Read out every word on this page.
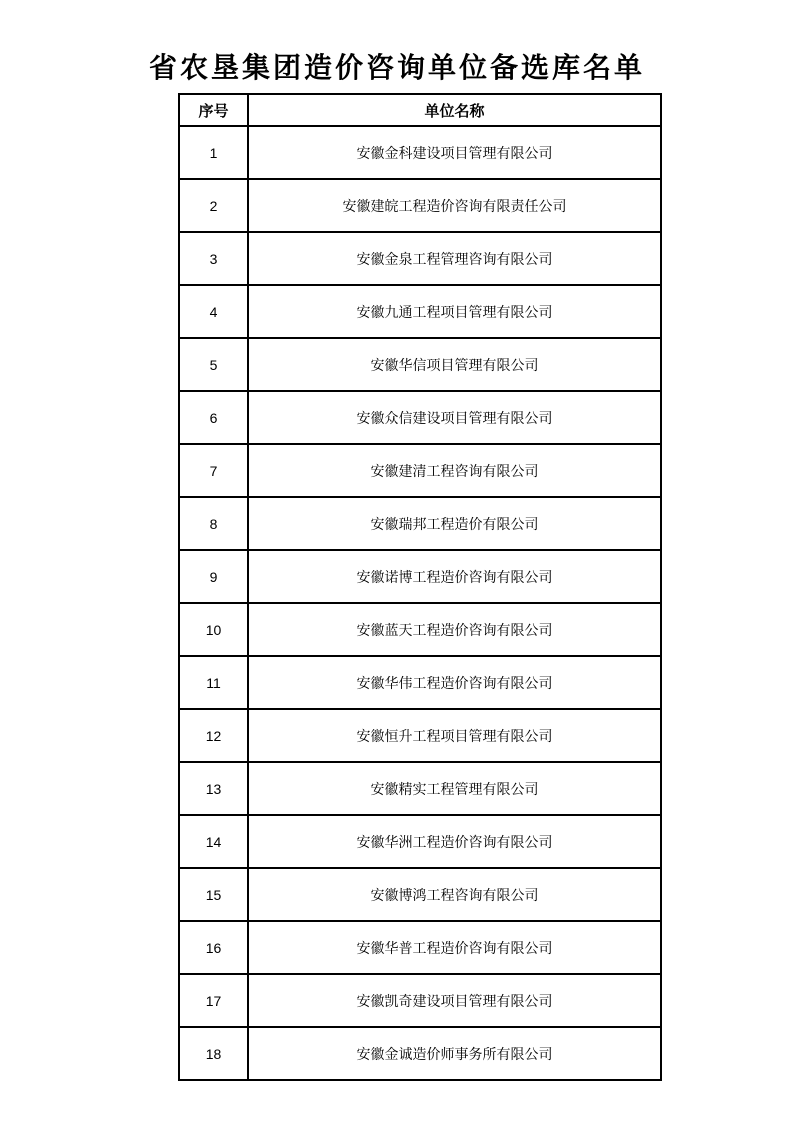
省农垦集团造价咨询单位备选库名单
序号	单位名称
1	安徽金科建设项目管理有限公司
2	安徽建皖工程造价咨询有限责任公司
3	安徽金泉工程管理咨询有限公司
4	安徽九通工程项目管理有限公司
5	安徽华信项目管理有限公司
6	安徽众信建设项目管理有限公司
7	安徽建清工程咨询有限公司
8	安徽瑞邦工程造价有限公司
9	安徽诺博工程造价咨询有限公司
10	安徽蓝天工程造价咨询有限公司
11	安徽华伟工程造价咨询有限公司
12	安徽恒升工程项目管理有限公司
13	安徽精实工程管理有限公司
14	安徽华洲工程造价咨询有限公司
15	安徽博鸿工程咨询有限公司
16	安徽华普工程造价咨询有限公司
17	安徽凯奇建设项目管理有限公司
18	安徽金诚造价师事务所有限公司
